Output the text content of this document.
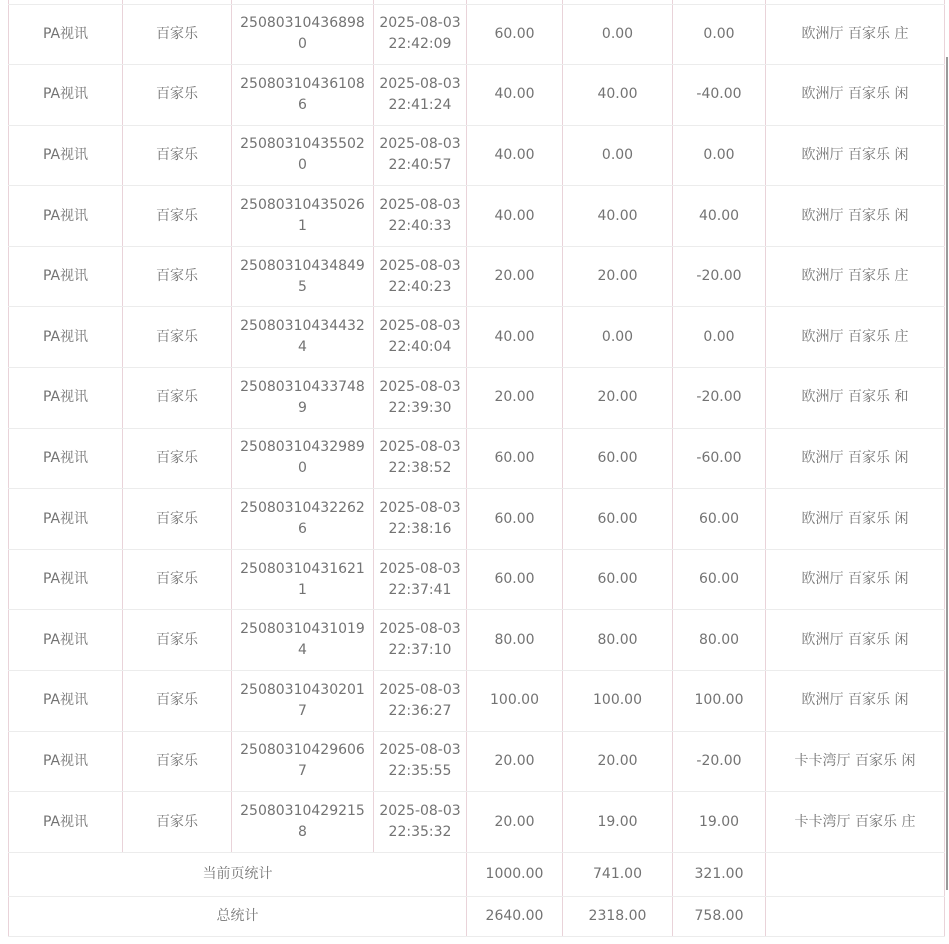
PA视讯	百家乐	250803104368980	2025-08-03 22:42:09	60.00	0.00	0.00	欧洲厅 百家乐 庄
PA视讯	百家乐	250803104361086	2025-08-03 22:41:24	40.00	40.00	-40.00	欧洲厅 百家乐 闲
PA视讯	百家乐	250803104355020	2025-08-03 22:40:57	40.00	0.00	0.00	欧洲厅 百家乐 闲
PA视讯	百家乐	250803104350261	2025-08-03 22:40:33	40.00	40.00	40.00	欧洲厅 百家乐 闲
PA视讯	百家乐	250803104348495	2025-08-03 22:40:23	20.00	20.00	-20.00	欧洲厅 百家乐 庄
PA视讯	百家乐	250803104344324	2025-08-03 22:40:04	40.00	0.00	0.00	欧洲厅 百家乐 庄
PA视讯	百家乐	250803104337489	2025-08-03 22:39:30	20.00	20.00	-20.00	欧洲厅 百家乐 和
PA视讯	百家乐	250803104329890	2025-08-03 22:38:52	60.00	60.00	-60.00	欧洲厅 百家乐 闲
PA视讯	百家乐	250803104322626	2025-08-03 22:38:16	60.00	60.00	60.00	欧洲厅 百家乐 闲
PA视讯	百家乐	250803104316211	2025-08-03 22:37:41	60.00	60.00	60.00	欧洲厅 百家乐 闲
PA视讯	百家乐	250803104310194	2025-08-03 22:37:10	80.00	80.00	80.00	欧洲厅 百家乐 闲
PA视讯	百家乐	250803104302017	2025-08-03 22:36:27	100.00	100.00	100.00	欧洲厅 百家乐 闲
PA视讯	百家乐	250803104296067	2025-08-03 22:35:55	20.00	20.00	-20.00	卡卡湾厅 百家乐 闲
PA视讯	百家乐	250803104292158	2025-08-03 22:35:32	20.00	19.00	19.00	卡卡湾厅 百家乐 庄
当前页统计				1000.00	741.00	321.00	
总统计				2640.00	2318.00	758.00	
